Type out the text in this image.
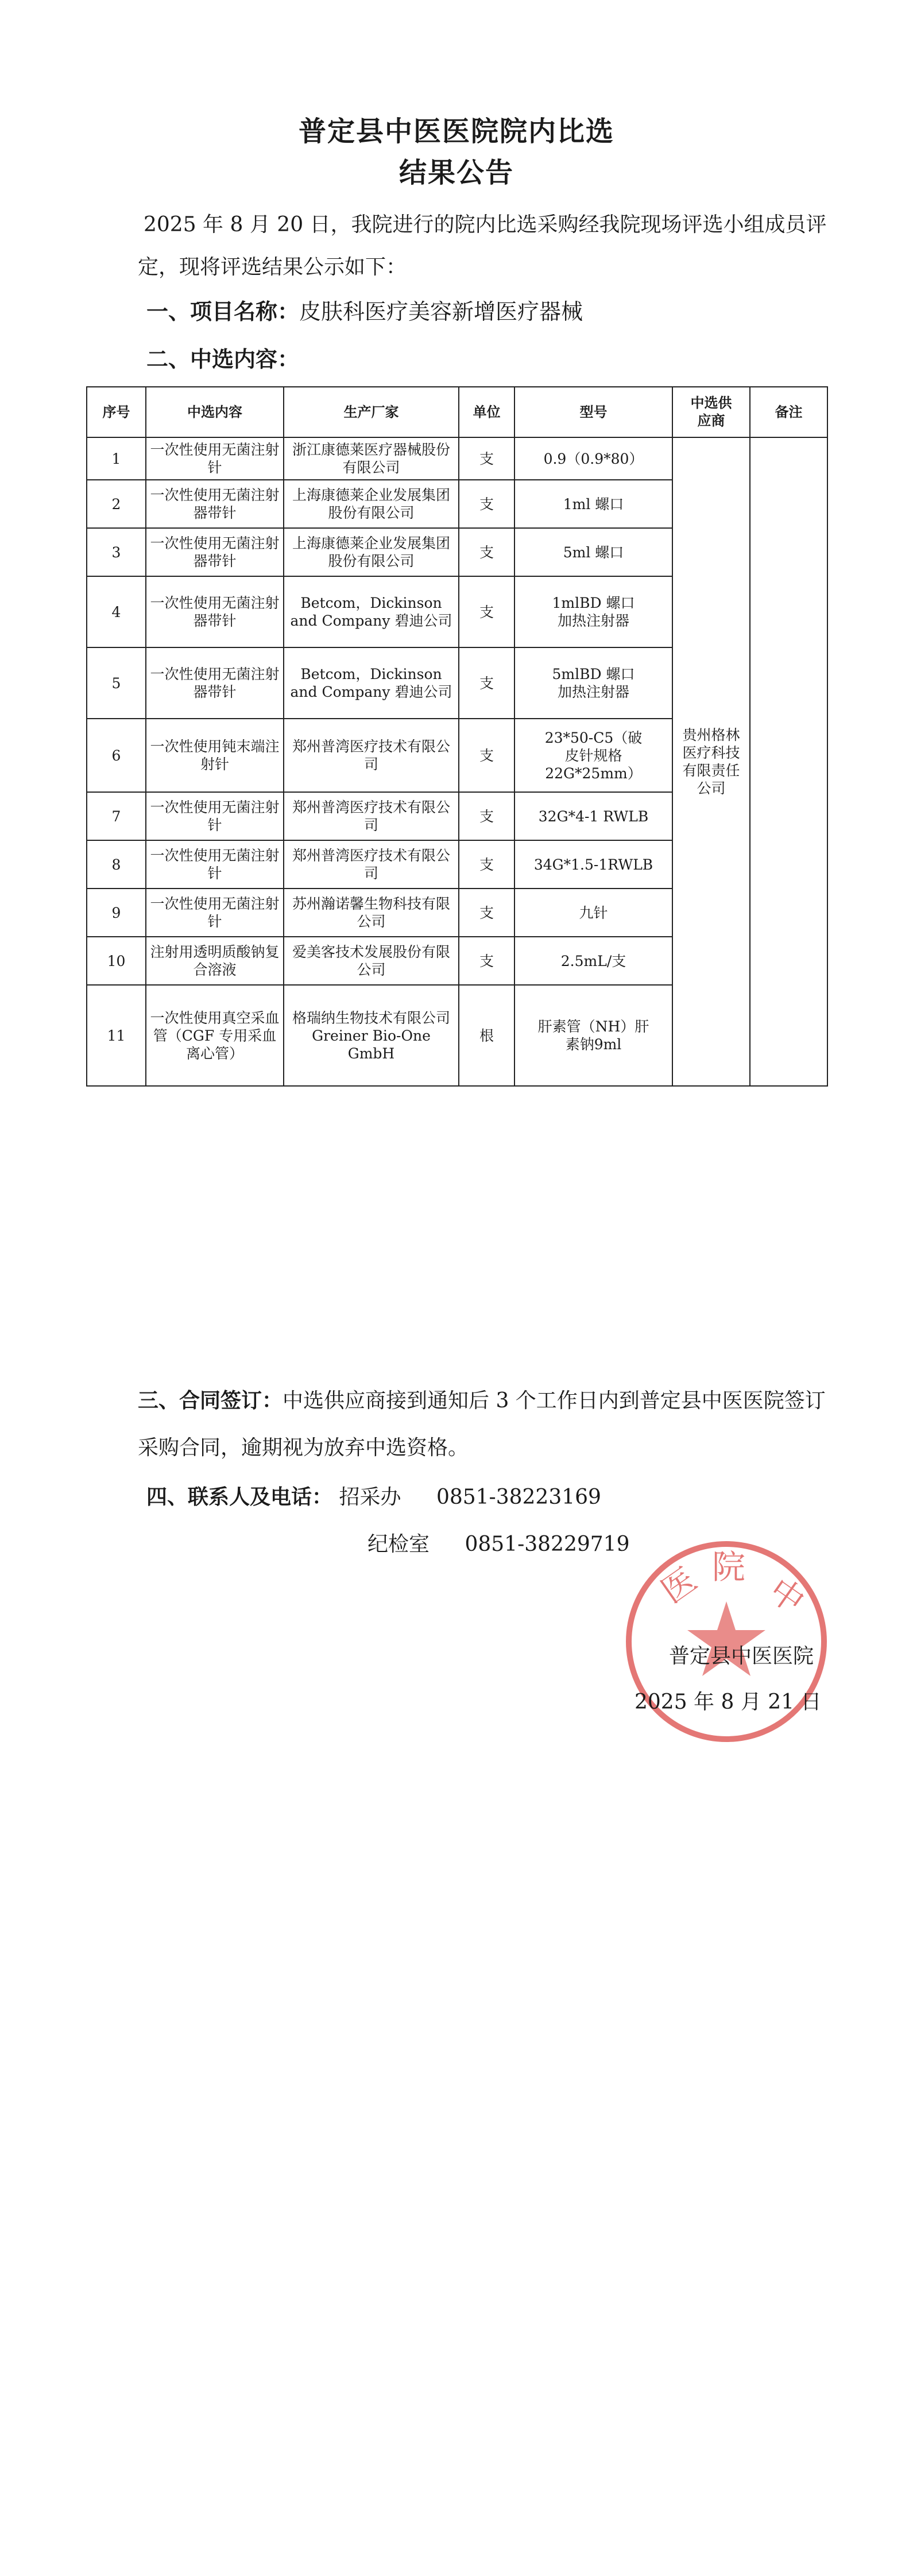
普定县中医医院院内比选
结果公告
2025 年 8 月 20 日，我院进行的院内比选采购经我院现场评选小组成员评定，现将评选结果公示如下：
一、项目名称：皮肤科医疗美容新增医疗器械
二、中选内容：
序号	中选内容	生产厂家	单位	型号	中选供应商	备注
1	一次性使用无菌注射针	浙江康德莱医疗器械股份有限公司	支	0.9（0.9*80）	贵州格林医疗科技有限责任公司	
2	一次性使用无菌注射器带针	上海康德莱企业发展集团股份有限公司	支	1ml 螺口		
3	一次性使用无菌注射器带针	上海康德莱企业发展集团股份有限公司	支	5ml 螺口		
4	一次性使用无菌注射器带针	Betcom，Dickinson and Company 碧迪公司	支	1mlBD 螺口加热注射器		
5	一次性使用无菌注射器带针	Betcom，Dickinson and Company 碧迪公司	支	5mlBD 螺口加热注射器		
6	一次性使用钝末端注射针	郑州普湾医疗技术有限公司	支	23*50-C5（破皮针规格22G*25mm）		
7	一次性使用无菌注射针	郑州普湾医疗技术有限公司	支	32G*4-1 RWLB		
8	一次性使用无菌注射针	郑州普湾医疗技术有限公司	支	34G*1.5-1RWLB		
9	一次性使用无菌注射针	苏州瀚诺馨生物科技有限公司	支	九针		
10	注射用透明质酸钠复合溶液	爱美客技术发展股份有限公司	支	2.5mL/支		
11	一次性使用真空采血管（CGF 专用采血离心管）	格瑞纳生物技术有限公司 Greiner Bio-One GmbH	根	肝素管（NH）肝素钠9ml		
三、合同签订：中选供应商接到通知后 3 个工作日内到普定县中医医院签订采购合同，逾期视为放弃中选资格。
四、联系人及电话： 招采办 0851-38223169
纪检室 0851-38229719
医 院
中
普定县中医医院
2025 年 8 月 21 日
